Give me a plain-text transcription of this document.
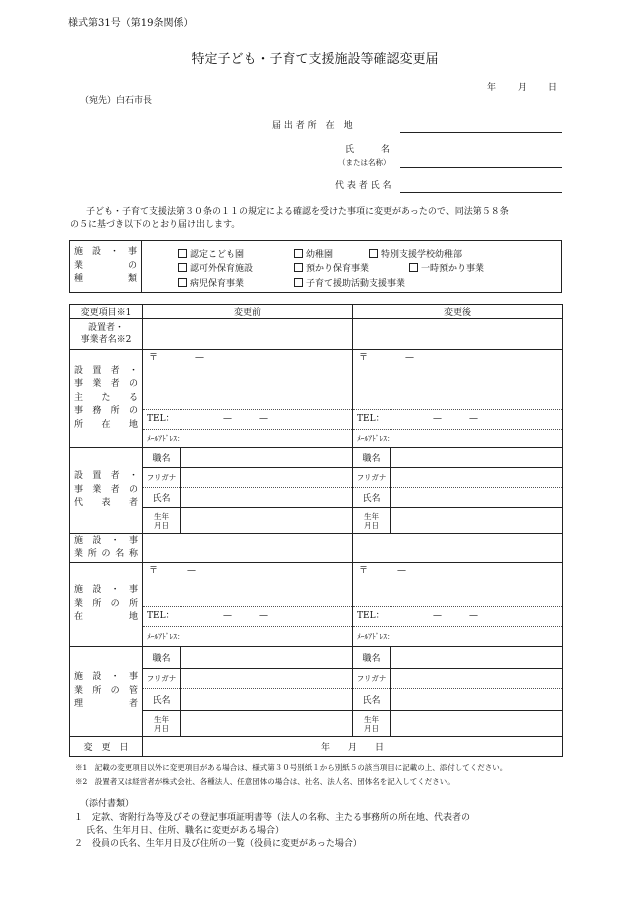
様式第31号（第19条関係）
特定子ども・子育て支援施設等確認変更届
年 月 日
（宛先）白石市長
届 出 者 所　在　地
氏　　　名
（または名称）
代 表 者 氏 名
子ども・子育て支援法第３０条の１１の規定による確認を受けた事項に変更があったので、同法第５８条
の５に基づき以下のとおり届け出します。
施 設 ・ 事
業　　　の
種　　　類

認定こども園	幼稚園	特別支援学校幼稚部
認可外保育施設	預かり保育事業	一時預かり事業
病児保育事業	子育て援助活動支援事業
変更項目※1	変更前		変更後	

設置者・
事業者名※2				

設 置 者 ・
事 業 者 の
主　た　る
事 務 所 の
所　在　地	〒 —		〒 —	

	TEL： —　　　—		TEL： —　　　—	

	ﾒｰﾙｱﾄﾞﾚｽ：		ﾒｰﾙｱﾄﾞﾚｽ：	

設 置 者 ・
事 業 者 の
代　表　者	職名		職名	
	フリガナ		フリガナ	
	氏名		氏名	
	生年
月日		生年
月日	

施 設 ・ 事
業所の名称				

施 設 ・ 事
業 所 の 所
在　　　地	〒 —		〒 —	

	TEL： —　　　—		TEL： —　　　—	

	ﾒｰﾙｱﾄﾞﾚｽ：		ﾒｰﾙｱﾄﾞﾚｽ：	

施 設 ・ 事
業 所 の 管
理　　　者	職名		職名	
	フリガナ		フリガナ	
	氏名		氏名	
	生年
月日		生年
月日	
変　更　日	年　　月　　日			
※1　記載の変更項目以外に変更項目がある場合は、様式第３０号別紙１から別紙５の該当項目に記載の上、添付してください。
※2　設置者又は経営者が株式会社、各種法人、任意団体の場合は、社名、法人名、団体名を記入してください。
（添付書類）
１　定款、寄附行為等及びその登記事項証明書等（法人の名称、主たる事務所の所在地、代表者の
氏名、生年月日、住所、職名に変更がある場合）
２　役員の氏名、生年月日及び住所の一覧（役員に変更があった場合）
